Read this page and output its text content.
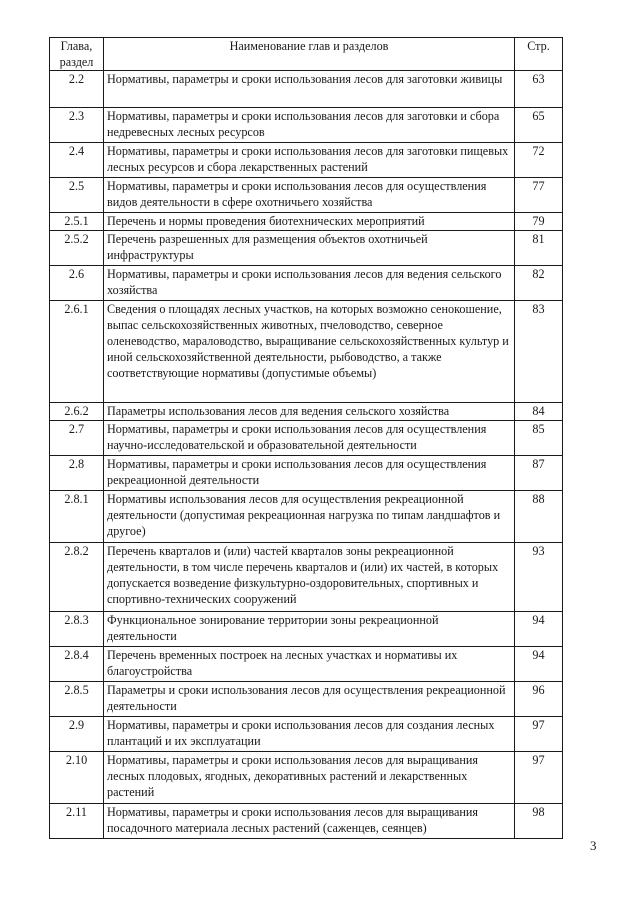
Глава, раздел	Наименование глав и разделов	Стр.
2.2	Нормативы, параметры и сроки использования лесов для заготовки живицы	63
2.3	Нормативы, параметры и сроки использования лесов для заготовки и сбора недревесных лесных ресурсов	65
2.4	Нормативы, параметры и сроки использования лесов для заготовки пищевых лесных ресурсов и сбора лекарственных растений	72
2.5	Нормативы, параметры и сроки использования лесов для осуществления видов деятельности в сфере охотничьего хозяйства	77
2.5.1	Перечень и нормы проведения биотехнических мероприятий	79
2.5.2	Перечень разрешенных для размещения объектов охотничьей инфраструктуры	81
2.6	Нормативы, параметры и сроки использования лесов для ведения сельского хозяйства	82
2.6.1	Сведения о площадях лесных участков, на которых возможно сенокошение, выпас сельскохозяйственных животных, пчеловодство, северное оленеводство, мараловодство, выращивание сельскохозяйственных культур и иной сельскохозяйственной деятельности, рыбоводство, а также соответствующие нормативы (допустимые объемы)	83
2.6.2	Параметры использования лесов для ведения сельского хозяйства	84
2.7	Нормативы, параметры и сроки использования лесов для осуществления научно-исследовательской и образовательной деятельности	85
2.8	Нормативы, параметры и сроки использования лесов для осуществления рекреационной деятельности	87
2.8.1	Нормативы использования лесов для осуществления рекреационной деятельности (допустимая рекреационная нагрузка по типам ландшафтов и другое)	88
2.8.2	Перечень кварталов и (или) частей кварталов зоны рекреационной деятельности, в том числе перечень кварталов и (или) их частей, в которых допускается возведение физкультурно-оздоровительных, спортивных и спортивно-технических сооружений	93
2.8.3	Функциональное зонирование территории зоны рекреационной деятельности	94
2.8.4	Перечень временных построек на лесных участках и нормативы их благоустройства	94
2.8.5	Параметры и сроки использования лесов для осуществления рекреационной деятельности	96
2.9	Нормативы, параметры и сроки использования лесов для создания лесных плантаций и их эксплуатации	97
2.10	Нормативы, параметры и сроки использования лесов для выращивания лесных плодовых, ягодных, декоративных растений и лекарственных растений	97
2.11	Нормативы, параметры и сроки использования лесов для выращивания посадочного материала лесных растений (саженцев, сеянцев)	98
3
